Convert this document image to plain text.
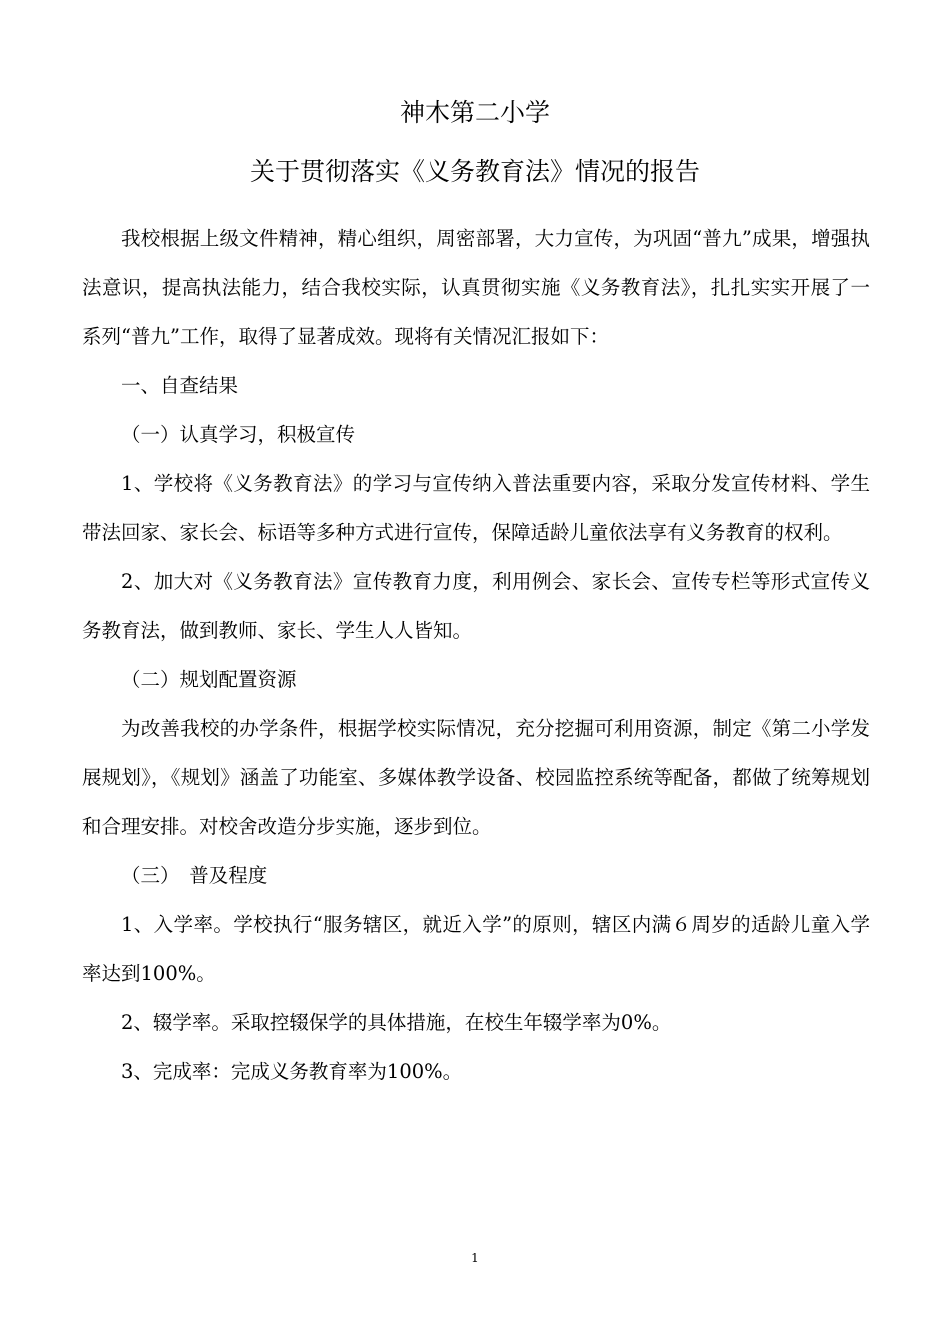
神木第二小学
关于贯彻落实《义务教育法》情况的报告

我校根据上级文件精神，精心组织，周密部署，大力宣传，为巩固“普九”成果，增强执法意识，提高执法能力，结合我校实际，认真贯彻实施《义务教育法》，扎扎实实开展了一系列“普九”工作，取得了显著成效。现将有关情况汇报如下：

一、自查结果

（一）认真学习，积极宣传

1、学校将《义务教育法》的学习与宣传纳入普法重要内容，采取分发宣传材料、学生带法回家、家长会、标语等多种方式进行宣传，保障适龄儿童依法享有义务教育的权利。

2、加大对《义务教育法》宣传教育力度，利用例会、家长会、宣传专栏等形式宣传义务教育法，做到教师、家长、学生人人皆知。

（二）规划配置资源

为改善我校的办学条件，根据学校实际情况，充分挖掘可利用资源，制定《第二小学发展规划》，《规划》涵盖了功能室、多媒体教学设备、校园监控系统等配备，都做了统筹规划和合理安排。对校舍改造分步实施，逐步到位。

（三）　普及程度

1、入学率。学校执行“服务辖区，就近入学”的原则，辖区内满６周岁的适龄儿童入学率达到100%。

2、辍学率。采取控辍保学的具体措施，在校生年辍学率为0%。

3、完成率：完成义务教育率为100%。

1
